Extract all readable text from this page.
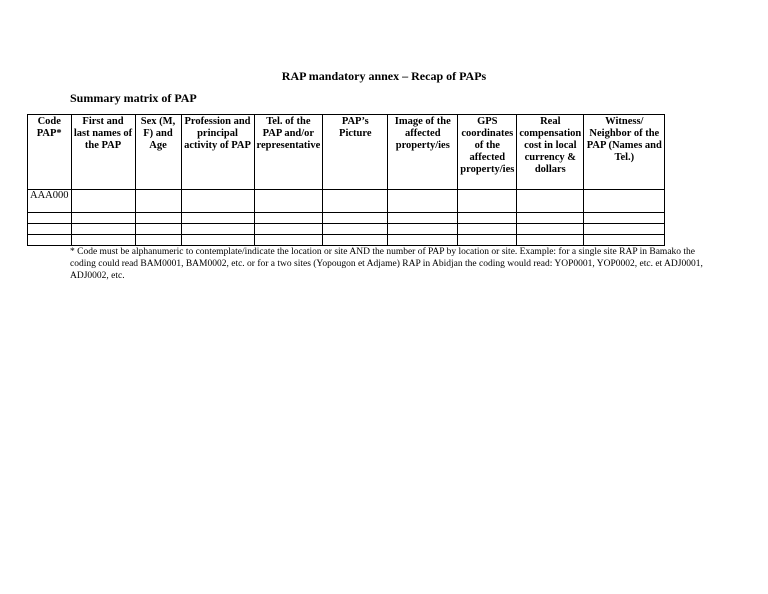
RAP mandatory annex – Recap of PAPs
Summary matrix of PAP
Code PAP*	First and last names of the PAP	Sex (M, F) and Age	Profession and principal activity of PAP	Tel. of the PAP and/or representative	PAP’s Picture	Image of the affected property/ies	GPS coordinates of the affected property/ies	Real compensation cost in local currency & dollars	Witness/ Neighbor of the PAP (Names and Tel.)
AAA000									

* Code must be alphanumeric to contemplate/indicate the location or site AND the number of PAP by location or site. Example: for a single site RAP in Bamako the coding could read BAM0001, BAM0002, etc. or for a two sites (Yopougon et Adjame) RAP in Abidjan the coding would read: YOP0001, YOP0002, etc. et ADJ0001, ADJ0002, etc.
